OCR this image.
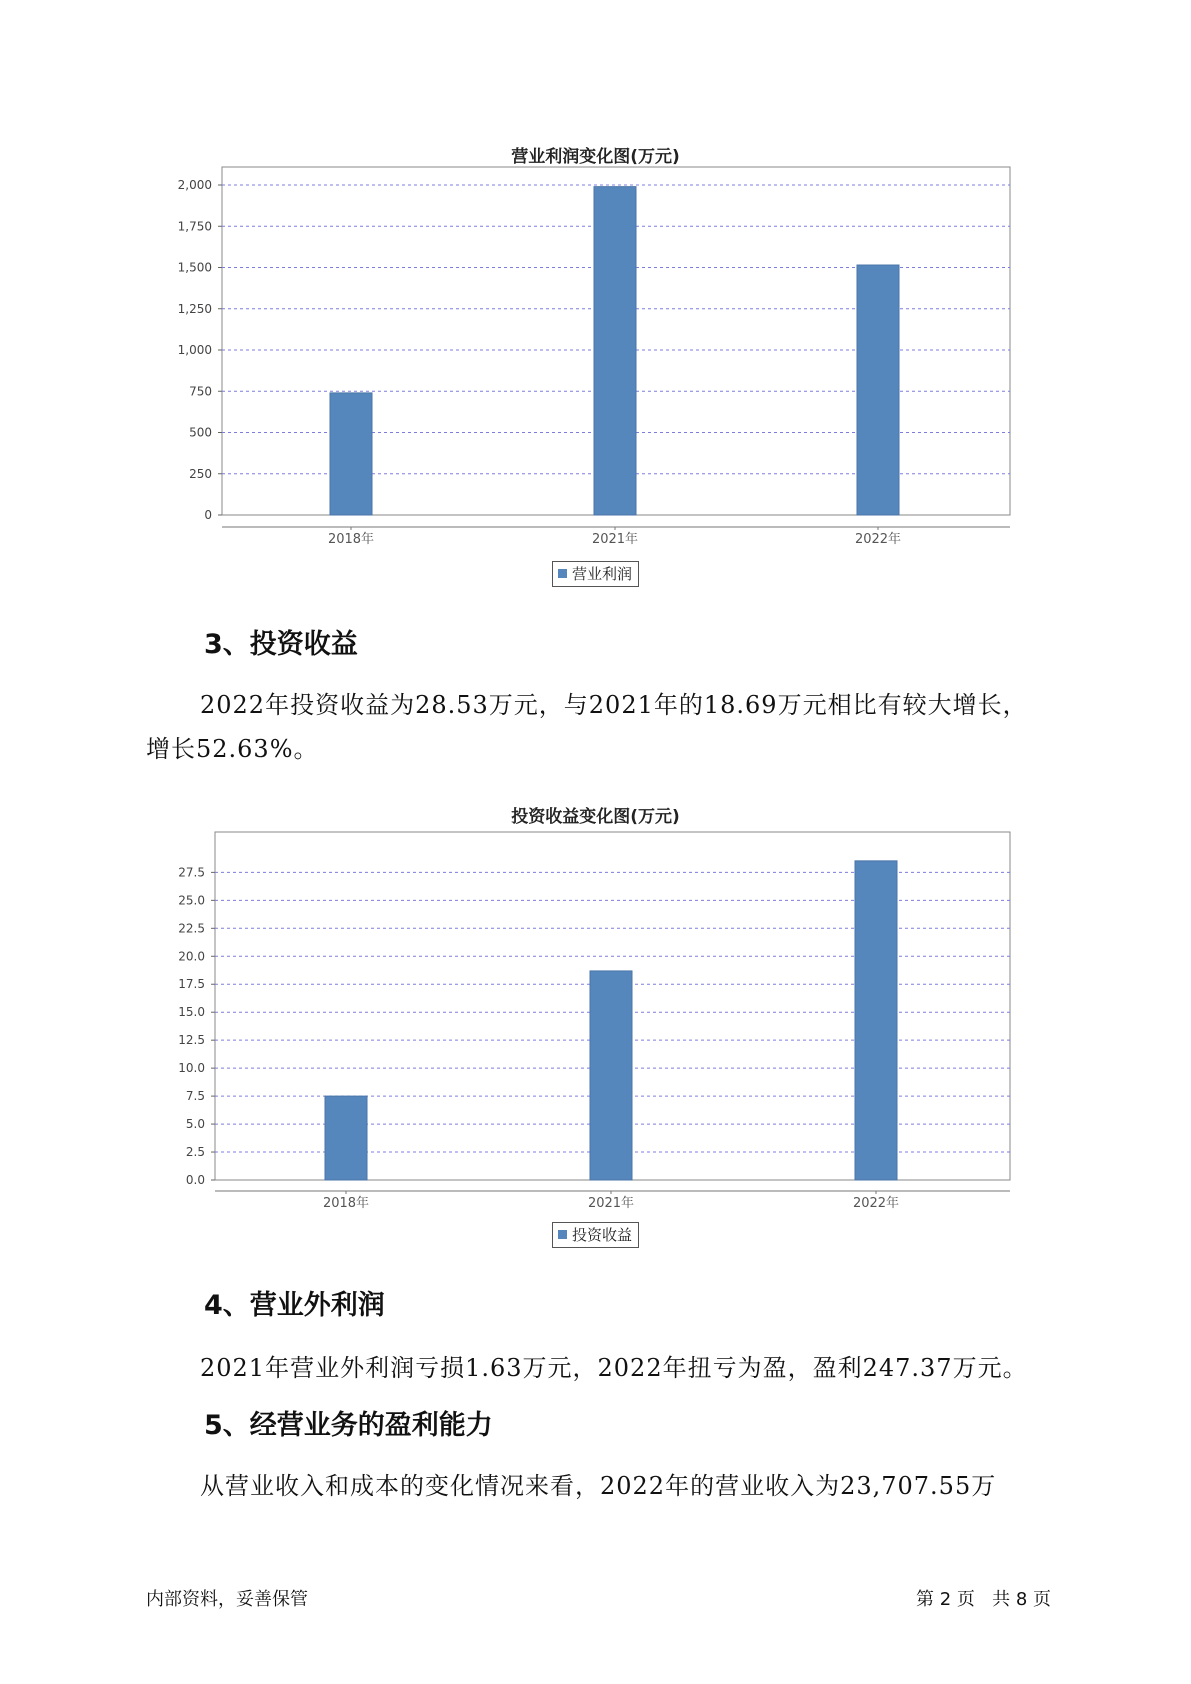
营业利润变化图(万元)
0
250
500
750
1,000
1,250
1,500
1,750
2,000
2018年	2021年	2022年
营业利润
3、投资收益
2022年投资收益为28.53万元，与2021年的18.69万元相比有较大增长，
增长52.63%。
投资收益变化图(万元)
0.0
2.5
5.0
7.5
10.0
12.5
15.0
17.5
20.0
22.5
25.0
27.5
2018年	2021年	2022年
投资收益
4、营业外利润
2021年营业外利润亏损1.63万元，2022年扭亏为盈，盈利247.37万元。
5、经营业务的盈利能力
从营业收入和成本的变化情况来看，2022年的营业收入为23,707.55万
内部资料，妥善保管	第 2 页   共 8 页
